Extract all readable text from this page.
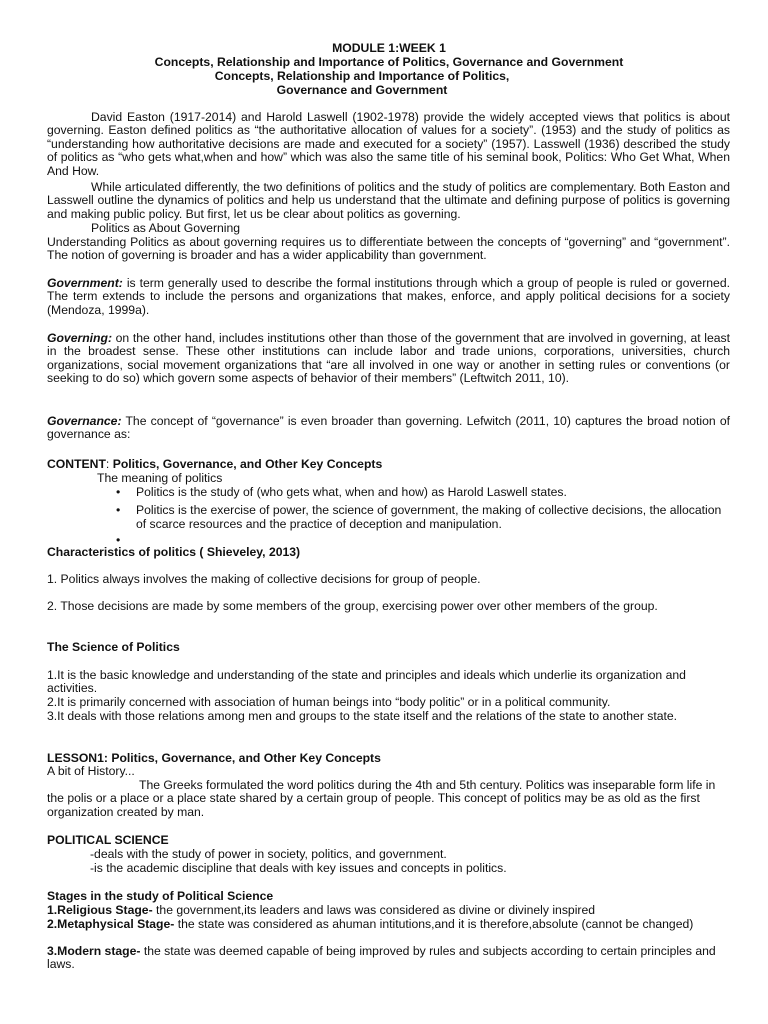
MODULE 1:WEEK 1
Concepts, Relationship and Importance of Politics, Governance and Government
Concepts, Relationship and Importance of Politics,
Governance and Government

David Easton (1917-2014) and Harold Laswell (1902-1978) provide the widely accepted views that politics is about governing. Easton defined politics as “the authoritative allocation of values for a society”. (1953) and the study of politics as “understanding how authoritative decisions are made and executed for a society” (1957). Lasswell (1936) described the study of politics as “who gets what,when and how” which was also the same title of his seminal book, Politics: Who Get What, When And How.

While articulated differently, the two definitions of politics and the study of politics are complementary. Both Easton and Lasswell outline the dynamics of politics and help us understand that the ultimate and defining purpose of politics is governing and making public policy. But first, let us be clear about politics as governing.

Politics as About Governing

Understanding Politics as about governing requires us to differentiate between the concepts of “governing” and “government”. The notion of governing is broader and has a wider applicability than government.

Government: is term generally used to describe the formal institutions through which a group of people is ruled or governed. The term extends to include the persons and organizations that makes, enforce, and apply political decisions for a society (Mendoza, 1999a).

Governing: on the other hand, includes institutions other than those of the government that are involved in governing, at least in the broadest sense. These other institutions can include labor and trade unions, corporations, universities, church organizations, social movement organizations that “are all involved in one way or another in setting rules or conventions (or seeking to do so) which govern some aspects of behavior of their members” (Leftwitch 2011, 10).

Governance: The concept of “governance” is even broader than governing. Lefwitch (2011, 10) captures the broad notion of governance as:

CONTENT: Politics, Governance, and Other Key Concepts

The meaning of politics

• Politics is the study of (who gets what, when and how) as Harold Laswell states.
• Politics is the exercise of power, the science of government, the making of collective decisions, the allocation of scarce resources and the practice of deception and manipulation.
•

Characteristics of politics ( Shieveley, 2013)

1. Politics always involves the making of collective decisions for group of people.

2. Those decisions are made by some members of the group, exercising power over other members of the group.

The Science of Politics

1.It is the basic knowledge and understanding of the state and principles and ideals which underlie its organization and activities.

2.It is primarily concerned with association of human beings into “body politic” or in a political community.

3.It deals with those relations among men and groups to the state itself and the relations of the state to another state.

LESSON1: Politics, Governance, and Other Key Concepts

A bit of History...

The Greeks formulated the word politics during the 4th and 5th century. Politics was inseparable form life in the polis or a place or a place state shared by a certain group of people. This concept of politics may be as old as the first organization created by man.

POLITICAL SCIENCE

-deals with the study of power in society, politics, and government.

-is the academic discipline that deals with key issues and concepts in politics.

Stages in the study of Political Science

1.Religious Stage- the government,its leaders and laws was considered as divine or divinely inspired

2.Metaphysical Stage- the state was considered as ahuman intitutions,and it is therefore,absolute (cannot be changed)

3.Modern stage- the state was deemed capable of being improved by rules and subjects according to certain principles and laws.
